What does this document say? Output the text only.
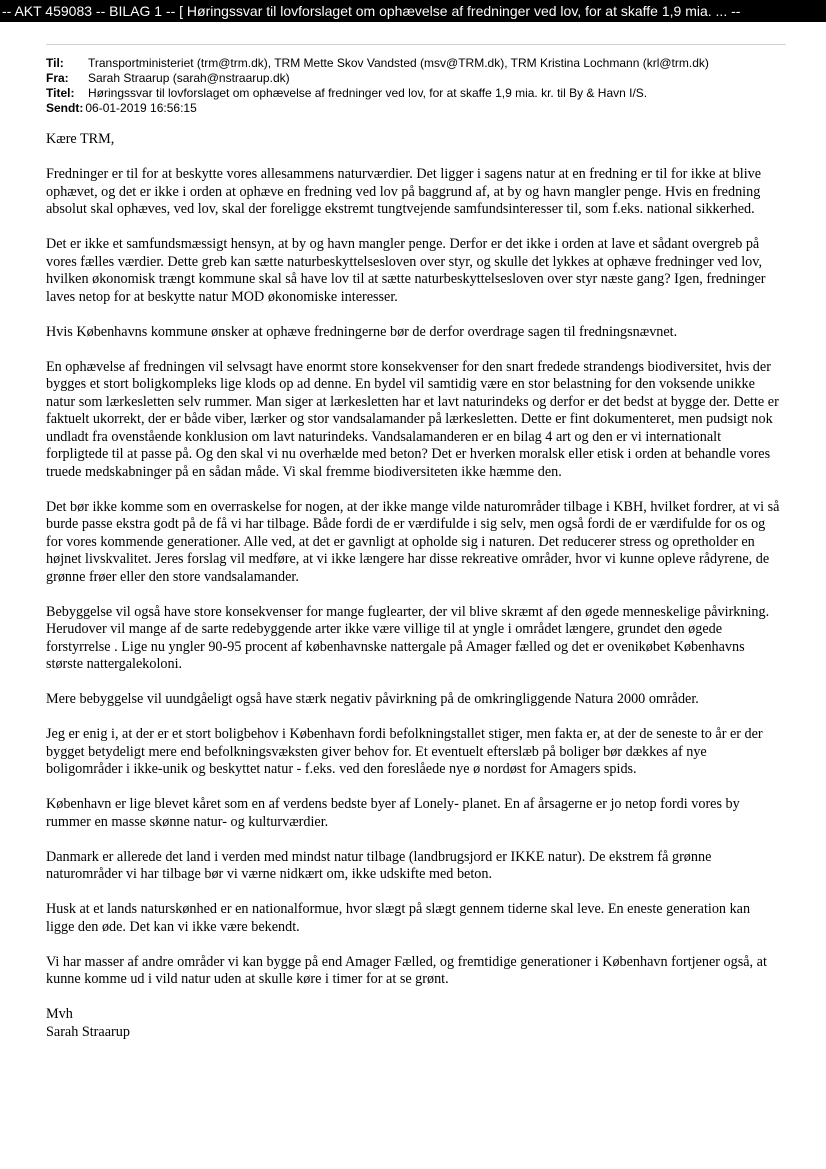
-- AKT 459083 -- BILAG 1 -- [ Høringssvar til lovforslaget om ophævelse af fredninger ved lov, for at skaffe 1,9 mia. ... --
Til:	Transportministeriet (trm@trm.dk), TRM Mette Skov Vandsted (msv@TRM.dk), TRM Kristina Lochmann (krl@trm.dk)
Fra:	Sarah Straarup (sarah@nstraarup.dk)
Titel:	Høringssvar til lovforslaget om ophævelse af fredninger ved lov, for at skaffe 1,9 mia. kr. til By & Havn I/S.
Sendt: 06-01-2019 16:56:15

Kære TRM,

Fredninger er til for at beskytte vores allesammens naturværdier. Det ligger i sagens natur at en fredning er til for ikke at blive ophævet, og det er ikke i orden at ophæve en fredning ved lov på baggrund af, at by og havn mangler penge. Hvis en fredning absolut skal ophæves, ved lov, skal der foreligge ekstremt tungtvejende samfundsinteresser til, som f.eks. national sikkerhed.

Det er ikke et samfundsmæssigt hensyn, at by og havn mangler penge. Derfor er det ikke i orden at lave et sådant overgreb på vores fælles værdier. Dette greb kan sætte naturbeskyttelsesloven over styr, og skulle det lykkes at ophæve fredninger ved lov, hvilken økonomisk trængt kommune skal så have lov til at sætte naturbeskyttelsesloven over styr næste gang? Igen, fredninger laves netop for at beskytte natur MOD økonomiske interesser.

Hvis Københavns kommune ønsker at ophæve fredningerne bør de derfor overdrage sagen til fredningsnævnet.

En ophævelse af fredningen vil selvsagt have enormt store konsekvenser for den snart fredede strandengs biodiversitet, hvis der bygges et stort boligkompleks lige klods op ad denne. En bydel vil samtidig være en stor belastning for den voksende unikke natur som lærkesletten selv rummer. Man siger at lærkesletten har et lavt naturindeks og derfor er det bedst at bygge der. Dette er faktuelt ukorrekt, der er både viber, lærker og stor vandsalamander på lærkesletten. Dette er fint dokumenteret, men pudsigt nok undladt fra ovenstående konklusion om lavt naturindeks. Vandsalamanderen er en bilag 4 art og den er vi internationalt forpligtede til at passe på. Og den skal vi nu overhælde med beton? Det er hverken moralsk eller etisk i orden at behandle vores truede medskabninger på en sådan måde. Vi skal fremme biodiversiteten ikke hæmme den.

Det bør ikke komme som en overraskelse for nogen, at der ikke mange vilde naturområder tilbage i KBH, hvilket fordrer, at vi så burde passe ekstra godt på de få vi har tilbage. Både fordi de er værdifulde i sig selv, men også fordi de er værdifulde for os og for vores kommende generationer. Alle ved, at det er gavnligt at opholde sig i naturen. Det reducerer stress og opretholder en højnet livskvalitet. Jeres forslag vil medføre, at vi ikke længere har disse rekreative områder, hvor vi kunne opleve rådyrene, de grønne frøer eller den store vandsalamander.

Bebyggelse vil også have store konsekvenser for mange fuglearter, der vil blive skræmt af den øgede menneskelige påvirkning. Herudover vil mange af de sarte redebyggende arter ikke være villige til at yngle i området længere, grundet den øgede forstyrrelse . Lige nu yngler 90-95 procent af københavnske nattergale på Amager fælled og det er ovenikøbet Københavns største nattergalekoloni.

Mere bebyggelse vil uundgåeligt også have stærk negativ påvirkning på de omkringliggende Natura 2000 områder.

Jeg er enig i, at der er et stort boligbehov i København fordi befolkningstallet stiger, men fakta er, at der de seneste to år er der bygget betydeligt mere end befolkningsvæksten giver behov for. Et eventuelt efterslæb på boliger bør dækkes af nye boligområder i ikke-unik og beskyttet natur - f.eks. ved den foreslåede nye ø nordøst for Amagers spids.

København er lige blevet kåret som en af verdens bedste byer af Lonely- planet. En af årsagerne er jo netop fordi vores by rummer en masse skønne natur- og kulturværdier.

Danmark er allerede det land i verden med mindst natur tilbage (landbrugsjord er IKKE natur). De ekstrem få grønne naturområder vi har tilbage bør vi værne nidkært om, ikke udskifte med beton.

Husk at et lands naturskønhed er en nationalformue, hvor slægt på slægt gennem tiderne skal leve. En eneste generation kan ligge den øde. Det kan vi ikke være bekendt.

Vi har masser af andre områder vi kan bygge på end Amager Fælled, og fremtidige generationer i København fortjener også, at kunne komme ud i vild natur uden at skulle køre i timer for at se grønt.

Mvh

Sarah Straarup
